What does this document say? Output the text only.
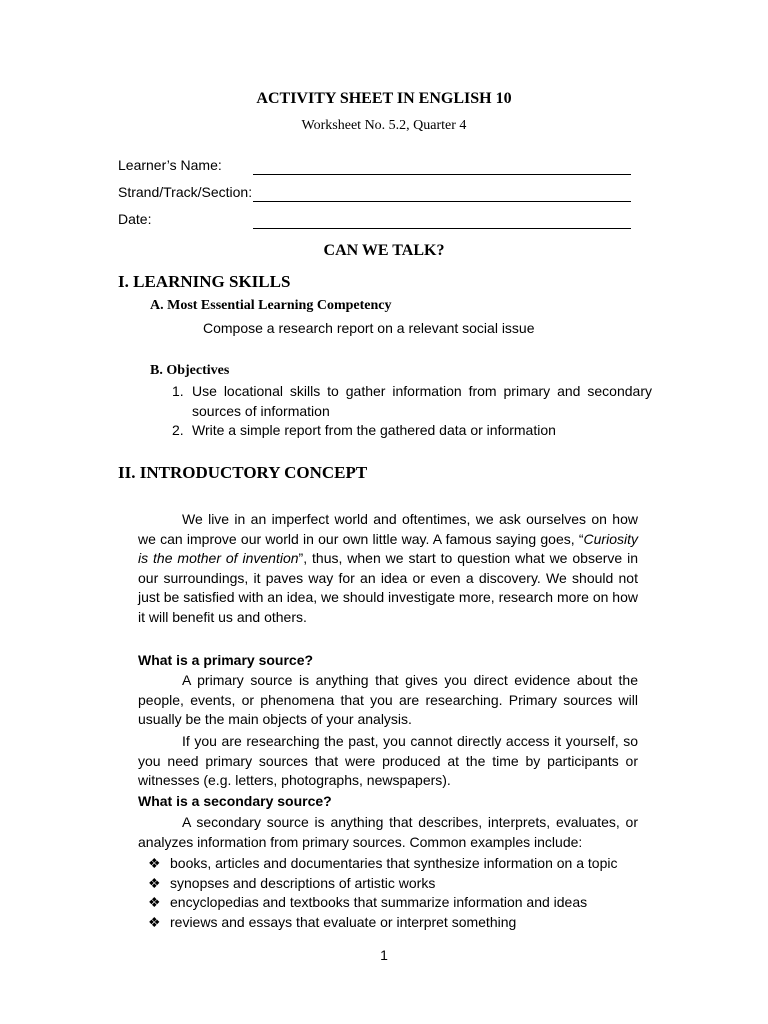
ACTIVITY SHEET IN ENGLISH 10
Worksheet No. 5.2, Quarter 4
Learner’s Name:
Strand/Track/Section:
Date:
CAN WE TALK?
I. LEARNING SKILLS
A. Most Essential Learning Competency
Compose a research report on a relevant social issue
B. Objectives
1. Use locational skills to gather information from primary and secondary sources of information
2. Write a simple report from the gathered data or information
II. INTRODUCTORY CONCEPT
We live in an imperfect world and oftentimes, we ask ourselves on how we can improve our world in our own little way. A famous saying goes, “Curiosity is the mother of invention”, thus, when we start to question what we observe in our surroundings, it paves way for an idea or even a discovery. We should not just be satisfied with an idea, we should investigate more, research more on how it will benefit us and others.
What is a primary source?
A primary source is anything that gives you direct evidence about the people, events, or phenomena that you are researching. Primary sources will usually be the main objects of your analysis.
If you are researching the past, you cannot directly access it yourself, so you need primary sources that were produced at the time by participants or witnesses (e.g. letters, photographs, newspapers).
What is a secondary source?
A secondary source is anything that describes, interprets, evaluates, or analyzes information from primary sources. Common examples include:
❖ books, articles and documentaries that synthesize information on a topic
❖ synopses and descriptions of artistic works
❖ encyclopedias and textbooks that summarize information and ideas
❖ reviews and essays that evaluate or interpret something
1
